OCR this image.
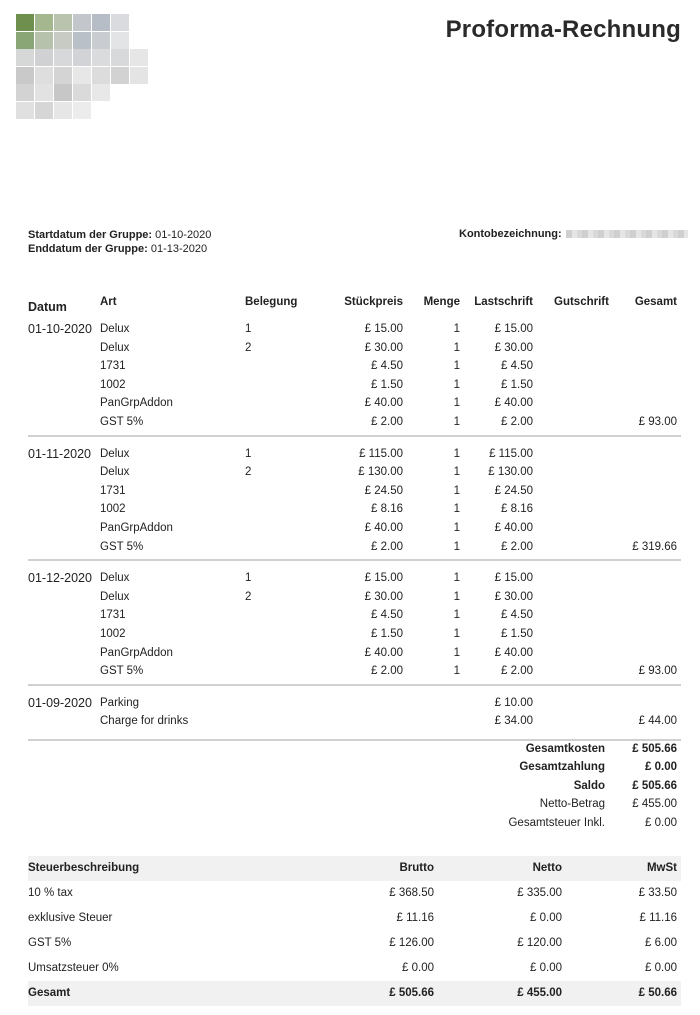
Proforma-Rechnung
Startdatum der Gruppe: 01-10-2020
Enddatum der Gruppe: 01-13-2020
Kontobezeichnung:
Datum	Art	Belegung	Stückpreis Menge Lastschrift Gutschrift Gesamt
01-10-2020 Delux	1	£ 15.00	1	£ 15.00
Delux	2	£ 30.00	1	£ 30.00
1731	£ 4.50	1	£ 4.50
1002	£ 1.50	1	£ 1.50
PanGrpAddon	£ 40.00	1	£ 40.00
GST 5%	£ 2.00	1	£ 2.00	£ 93.00
01-11-2020 Delux	1	£ 115.00	1	£ 115.00
Delux	2	£ 130.00	1 £ 130.00
1731	£ 24.50	1	£ 24.50
1002	£ 8.16	1	£ 8.16
PanGrpAddon	£ 40.00	1	£ 40.00
GST 5%	£ 2.00	1	£ 2.00	£ 319.66
01-12-2020 Delux	1	£ 15.00	1	£ 15.00
Delux	2	£ 30.00	1	£ 30.00
1731	£ 4.50	1	£ 4.50
1002	£ 1.50	1	£ 1.50
PanGrpAddon	£ 40.00	1	£ 40.00
GST 5%	£ 2.00	1	£ 2.00	£ 93.00
01-09-2020 Parking	£ 10.00
Charge for drinks	£ 34.00	£ 44.00
Gesamtkosten £ 505.66
Gesamtzahlung	£ 0.00
Saldo £ 505.66
Netto-Betrag £ 455.00
Gesamtsteuer Inkl.	£ 0.00
Steuerbeschreibung	Brutto	Netto	MwSt
10 % tax	£ 368.50	£ 335.00	£ 33.50
exklusive Steuer	£ 11.16	£ 0.00	£ 11.16
GST 5%	£ 126.00	£ 120.00	£ 6.00
Umsatzsteuer 0%	£ 0.00	£ 0.00	£ 0.00
Gesamt	£ 505.66	£ 455.00	£ 50.66
